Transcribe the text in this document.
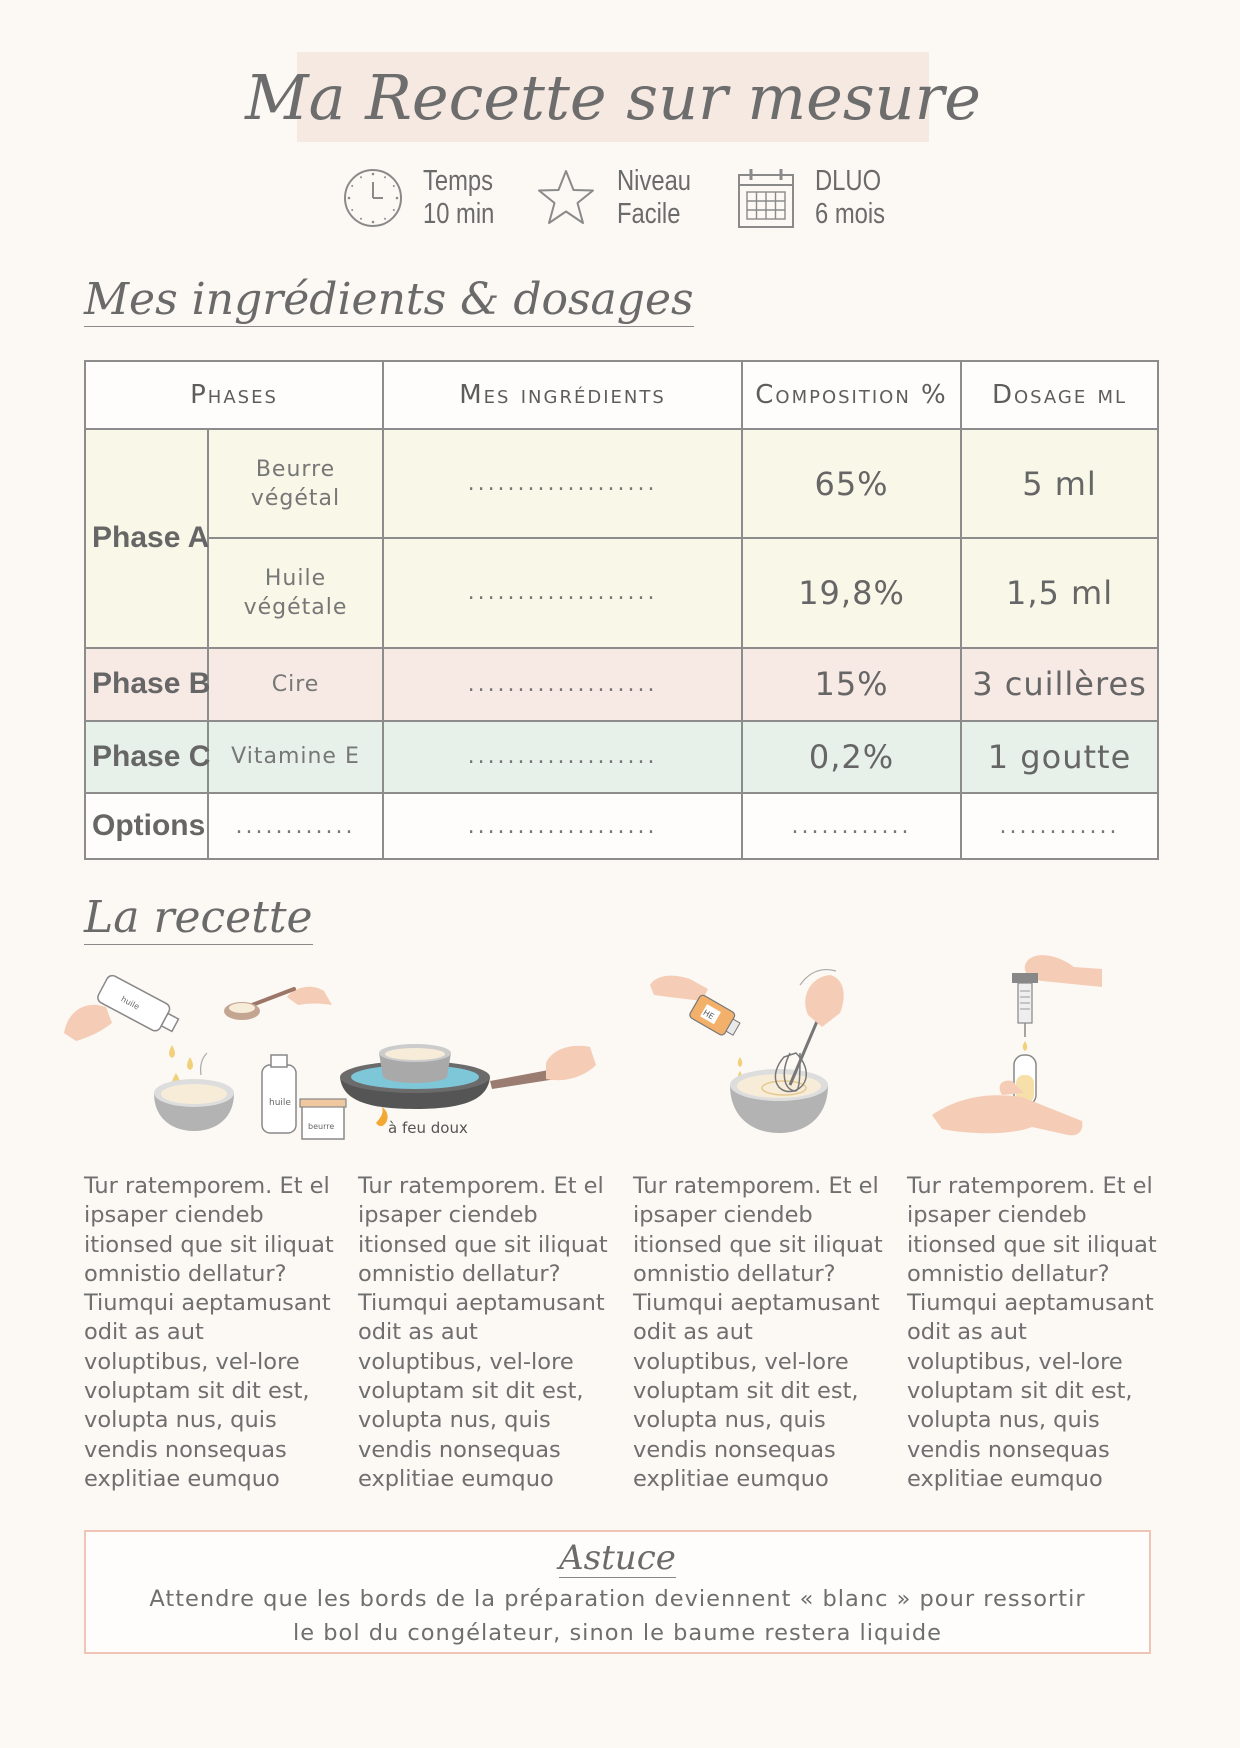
Ma Recette sur mesure
Temps
10 min
Niveau
Facile
DLUO
6 mois
Mes ingrédients & dosages
Phases		Mes ingrédients	Composition %	Dosage ml
Phase A	Beurre végétal	...................	65%	5 ml
	Huile végétale	...................	19,8%	1,5 ml
Phase B	Cire	...................	15%	3 cuillères
Phase C	Vitamine E	...................	0,2%	1 goutte
Options	............	...................	............	............
La recette
huile
huile
beurre	à feu doux
HE
Tur ratemporem. Et el ipsaper ciendeb itionsed que sit iliquat omnistio dellatur? Tiumqui aeptamusant odit as aut voluptibus, vel-lore voluptam sit dit est, volupta nus, quis vendis nonsequas explitiae eumquo
Tur ratemporem. Et el ipsaper ciendeb itionsed que sit iliquat omnistio dellatur? Tiumqui aeptamusant odit as aut voluptibus, vel-lore voluptam sit dit est, volupta nus, quis vendis nonsequas explitiae eumquo
Tur ratemporem. Et el ipsaper ciendeb itionsed que sit iliquat omnistio dellatur? Tiumqui aeptamusant odit as aut voluptibus, vel-lore voluptam sit dit est, volupta nus, quis vendis nonsequas explitiae eumquo
Tur ratemporem. Et el ipsaper ciendeb itionsed que sit iliquat omnistio dellatur? Tiumqui aeptamusant odit as aut voluptibus, vel-lore voluptam sit dit est, volupta nus, quis vendis nonsequas explitiae eumquo
Astuce
Attendre que les bords de la préparation deviennent « blanc » pour ressortir
le bol du congélateur, sinon le baume restera liquide
